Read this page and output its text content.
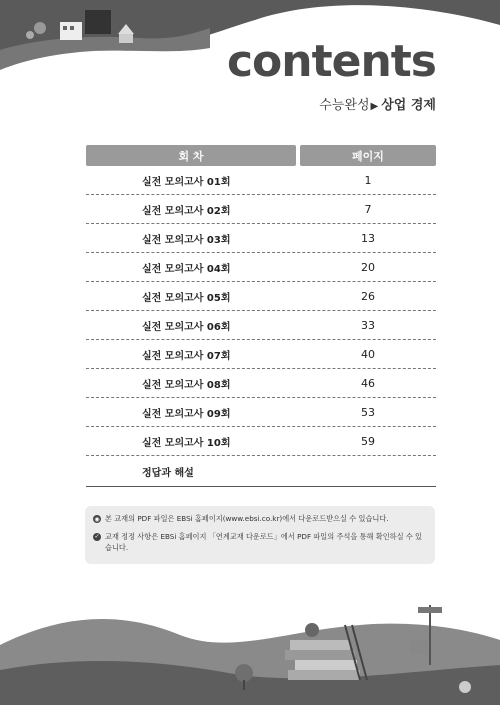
contents
수능완성▶ 상업 경제
회 차	페이지
실전 모의고사 01회	1
실전 모의고사 02회	7
실전 모의고사 03회	13
실전 모의고사 04회	20
실전 모의고사 05회	26
실전 모의고사 06회	33
실전 모의고사 07회	40
실전 모의고사 08회	46
실전 모의고사 09회	53
실전 모의고사 10회	59
정답과 해설
◉ 본 교재의 PDF 파일은 EBSi 홈페이지(www.ebsi.co.kr)에서 다운로드받으실 수 있습니다.
✓ 교재 정정 사항은 EBSi 홈페이지 「연계교재 다운로드」에서 PDF 파일의 주석을 통해 확인하실 수 있습니다.
